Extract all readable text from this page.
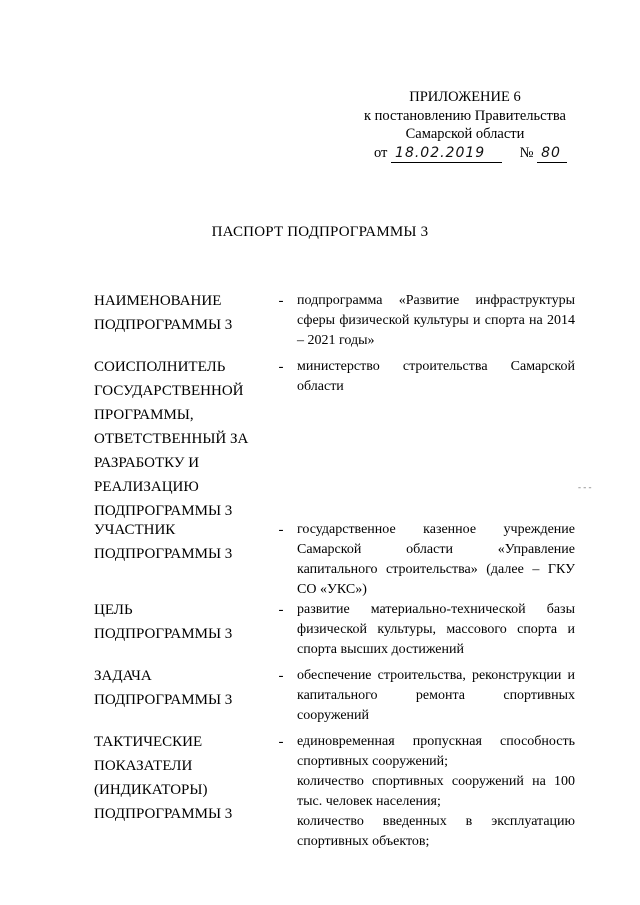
ПРИЛОЖЕНИЕ 6
к постановлению Правительства
Самарской области
от 18.02.2019 № 80
ПАСПОРТ ПОДПРОГРАММЫ 3
НАИМЕНОВАНИЕ
ПОДПРОГРАММЫ 3
- подпрограмма «Развитие инфраструктуры сферы физической культуры и спорта на 2014 – 2021 годы»
СОИСПОЛНИТЕЛЬ
ГОСУДАРСТВЕННОЙ
ПРОГРАММЫ,
ОТВЕТСТВЕННЫЙ ЗА
РАЗРАБОТКУ И
РЕАЛИЗАЦИЮ
ПОДПРОГРАММЫ 3
- министерство строительства Самарской области
УЧАСТНИК
ПОДПРОГРАММЫ 3
- государственное казенное учреждение Самарской области «Управление капитального строительства» (далее – ГКУ СО «УКС»)
ЦЕЛЬ
ПОДПРОГРАММЫ 3
- развитие материально-технической базы физической культуры, массового спорта и спорта высших достижений
ЗАДАЧА
ПОДПРОГРАММЫ 3
- обеспечение строительства, реконструкции и капитального ремонта спортивных сооружений
ТАКТИЧЕСКИЕ
ПОКАЗАТЕЛИ
(ИНДИКАТОРЫ)
ПОДПРОГРАММЫ 3
- единовременная пропускная способность спортивных сооружений;
количество спортивных сооружений на 100 тыс. человек населения;
количество введенных в эксплуатацию спортивных объектов;
- - -
